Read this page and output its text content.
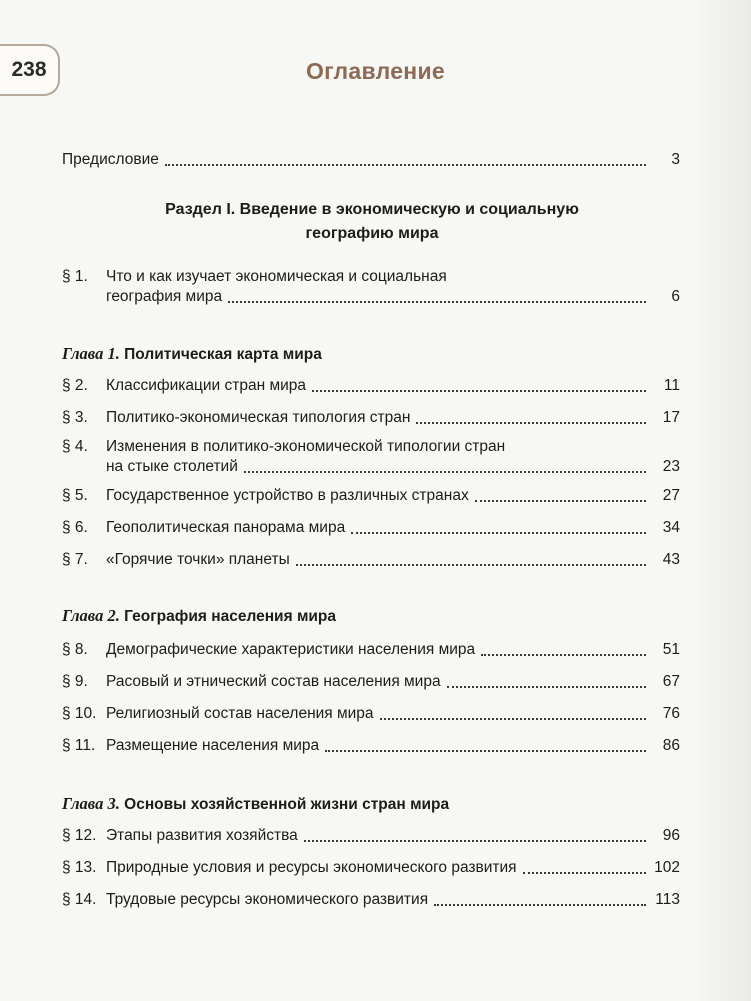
238	Оглавление
Предисловие	3
Раздел I. Введение в экономическую и социальную
географию мира
§ 1. Что и как изучает экономическая и социальная
география мира	6
Глава 1. Политическая карта мира
§ 2.	Классификации стран мира	11
§ 3.	Политико-экономическая типология стран	17
§ 4. Изменения в политико-экономической типологии стран
на стыке столетий	23
§ 5.	Государственное устройство в различных странах	27
§ 6.	Геополитическая панорама мира	34
§ 7.	«Горячие точки» планеты	43
Глава 2. География населения мира
§ 8.	Демографические характеристики населения мира	51
§ 9.	Расовый и этнический состав населения мира	67
§ 10. Религиозный состав населения мира	76
§ 11. Размещение населения мира	86
Глава 3. Основы хозяйственной жизни стран мира
§ 12. Этапы развития хозяйства	96
§ 13. Природные условия и ресурсы экономического развития	102
§ 14. Трудовые ресурсы экономического развития	113
